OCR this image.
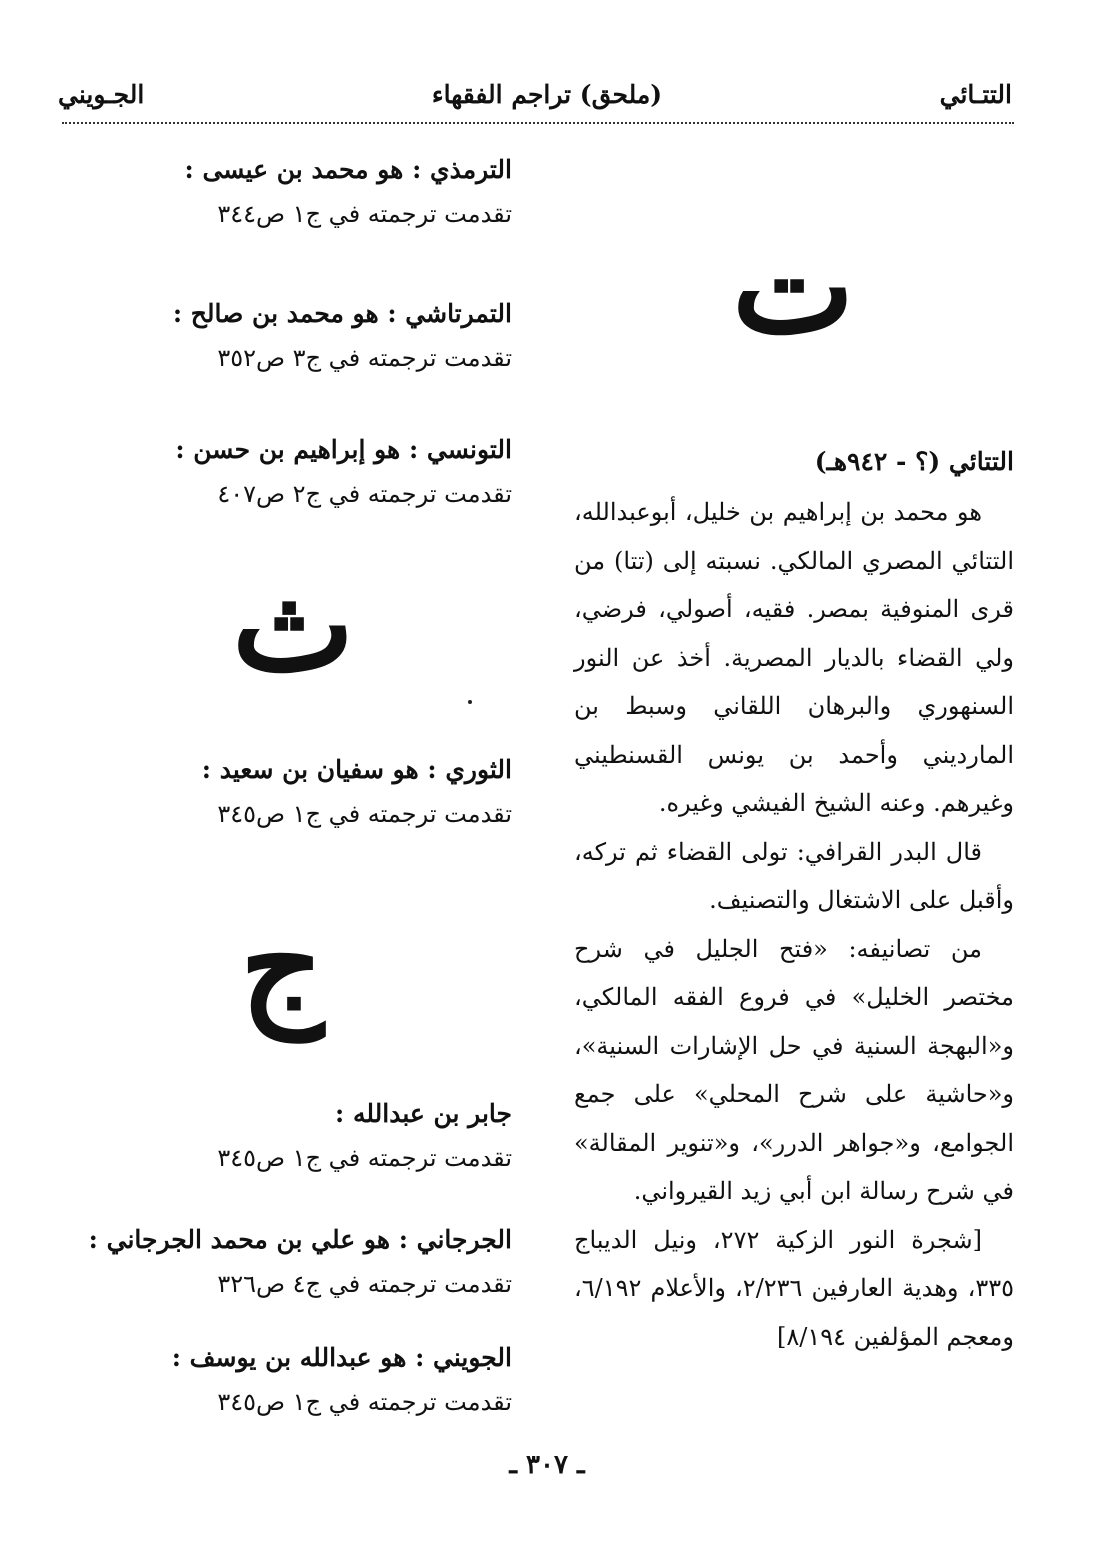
التتـائي
(ملحق) تراجم الفقهاء
الجـويني
الترمذي : هو محمد بن عيسى :
تقدمت ترجمته في ج١ ص٣٤٤
التمرتاشي : هو محمد بن صالح :
تقدمت ترجمته في ج٣ ص٣٥٢
التونسي : هو إبراهيم بن حسن :
تقدمت ترجمته في ج٢ ص٤٠٧
الثوري : هو سفيان بن سعيد :
تقدمت ترجمته في ج١ ص٣٤٥
جابر بن عبدالله :
تقدمت ترجمته في ج١ ص٣٤٥
الجرجاني : هو علي بن محمد الجرجاني :
تقدمت ترجمته في ج٤ ص٣٢٦
الجويني : هو عبدالله بن يوسف :
تقدمت ترجمته في ج١ ص٣٤٥
ت
ث
ج
التتائي (؟ - ٩٤٢هـ)

هو محمد بن إبراهيم بن خليل، أبوعبدالله، التتائي المصري المالكي. نسبته إلى (تتا) من قرى المنوفية بمصر. فقيه، أصولي، فرضي، ولي القضاء بالديار المصرية. أخذ عن النور السنهوري والبرهان اللقاني وسبط بن المارديني وأحمد بن يونس القسنطيني وغيرهم. وعنه الشيخ الفيشي وغيره.

قال البدر القرافي: تولى القضاء ثم تركه، وأقبل على الاشتغال والتصنيف.

من تصانيفه: «فتح الجليل في شرح مختصر الخليل» في فروع الفقه المالكي، و«البهجة السنية في حل الإشارات السنية»، و«حاشية على شرح المحلي» على جمع الجوامع، و«جواهر الدرر»، و«تنوير المقالة» في شرح رسالة ابن أبي زيد القيرواني.

[شجرة النور الزكية ٢٧٢، ونيل الديباج ٣٣٥، وهدية العارفين ٢/٢٣٦، والأعلام ٦/١٩٢، ومعجم المؤلفين ٨/١٩٤]

ـ ٣٠٧ ـ
